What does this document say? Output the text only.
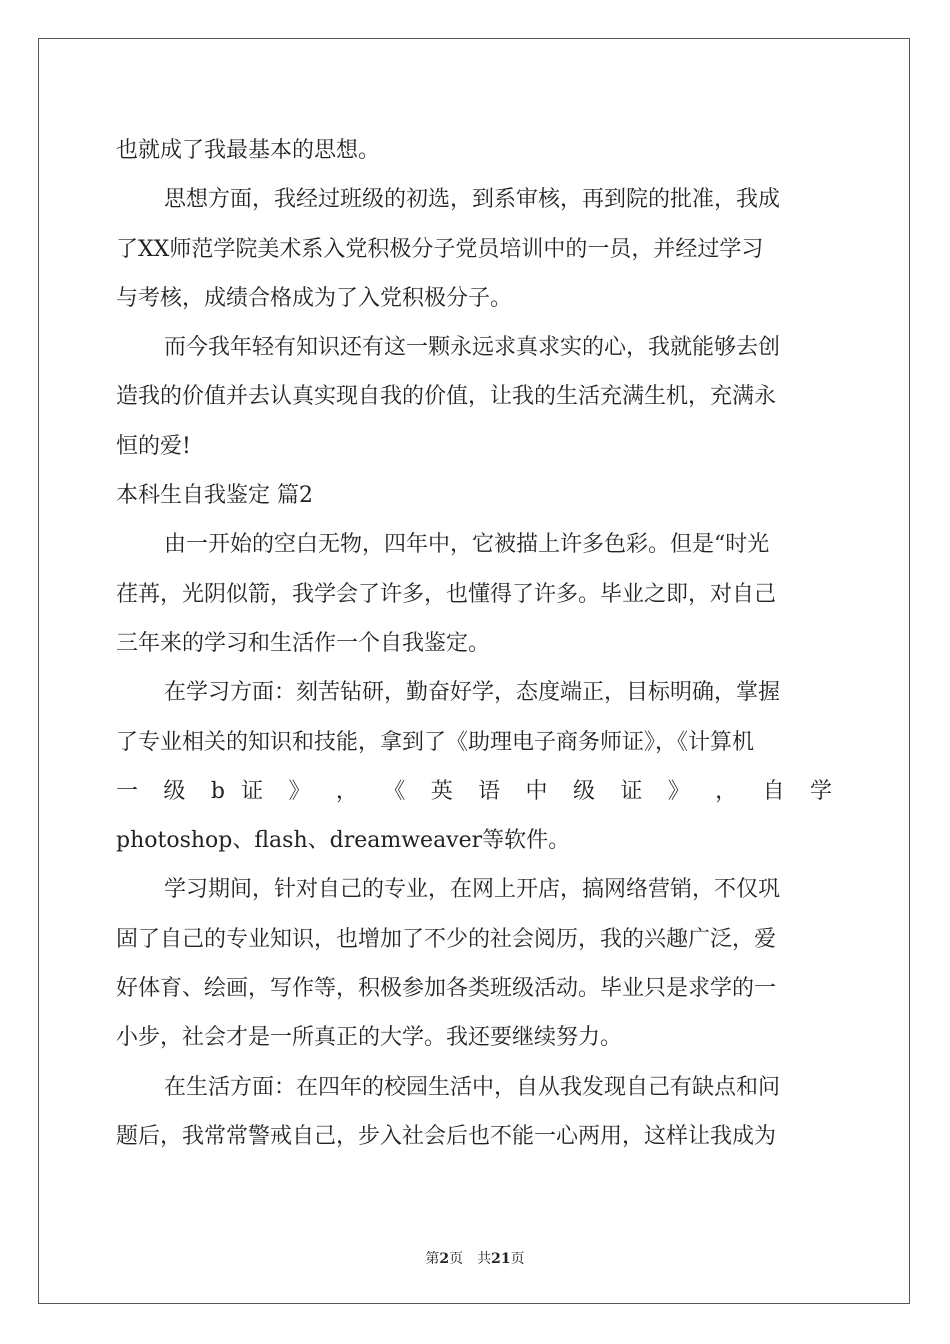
也就成了我最基本的思想。
思想方面，我经过班级的初选，到系审核，再到院的批准，我成
了XX师范学院美术系入党积极分子党员培训中的一员，并经过学习
与考核，成绩合格成为了入党积极分子。
而今我年轻有知识还有这一颗永远求真求实的心，我就能够去创
造我的价值并去认真实现自我的价值，让我的生活充满生机，充满永
恒的爱!
本科生自我鉴定 篇2
由一开始的空白无物，四年中，它被描上许多色彩。但是“时光
荏苒，光阴似箭，我学会了许多，也懂得了许多。毕业之即，对自己
三年来的学习和生活作一个自我鉴定。
在学习方面：刻苦钻研，勤奋好学，态度端正，目标明确，掌握
了专业相关的知识和技能，拿到了《助理电子商务师证》，《计算机
一 级 b 证 》 ， 《 英 语 中 级 证 》 ， 自 学
photoshop、flash、dreamweaver等软件。
学习期间，针对自己的专业，在网上开店，搞网络营销，不仅巩
固了自己的专业知识，也增加了不少的社会阅历，我的兴趣广泛，爱
好体育、绘画，写作等，积极参加各类班级活动。毕业只是求学的一
小步，社会才是一所真正的大学。我还要继续努力。
在生活方面：在四年的校园生活中，自从我发现自己有缺点和问
题后，我常常警戒自己，步入社会后也不能一心两用，这样让我成为
第2页　共21页
